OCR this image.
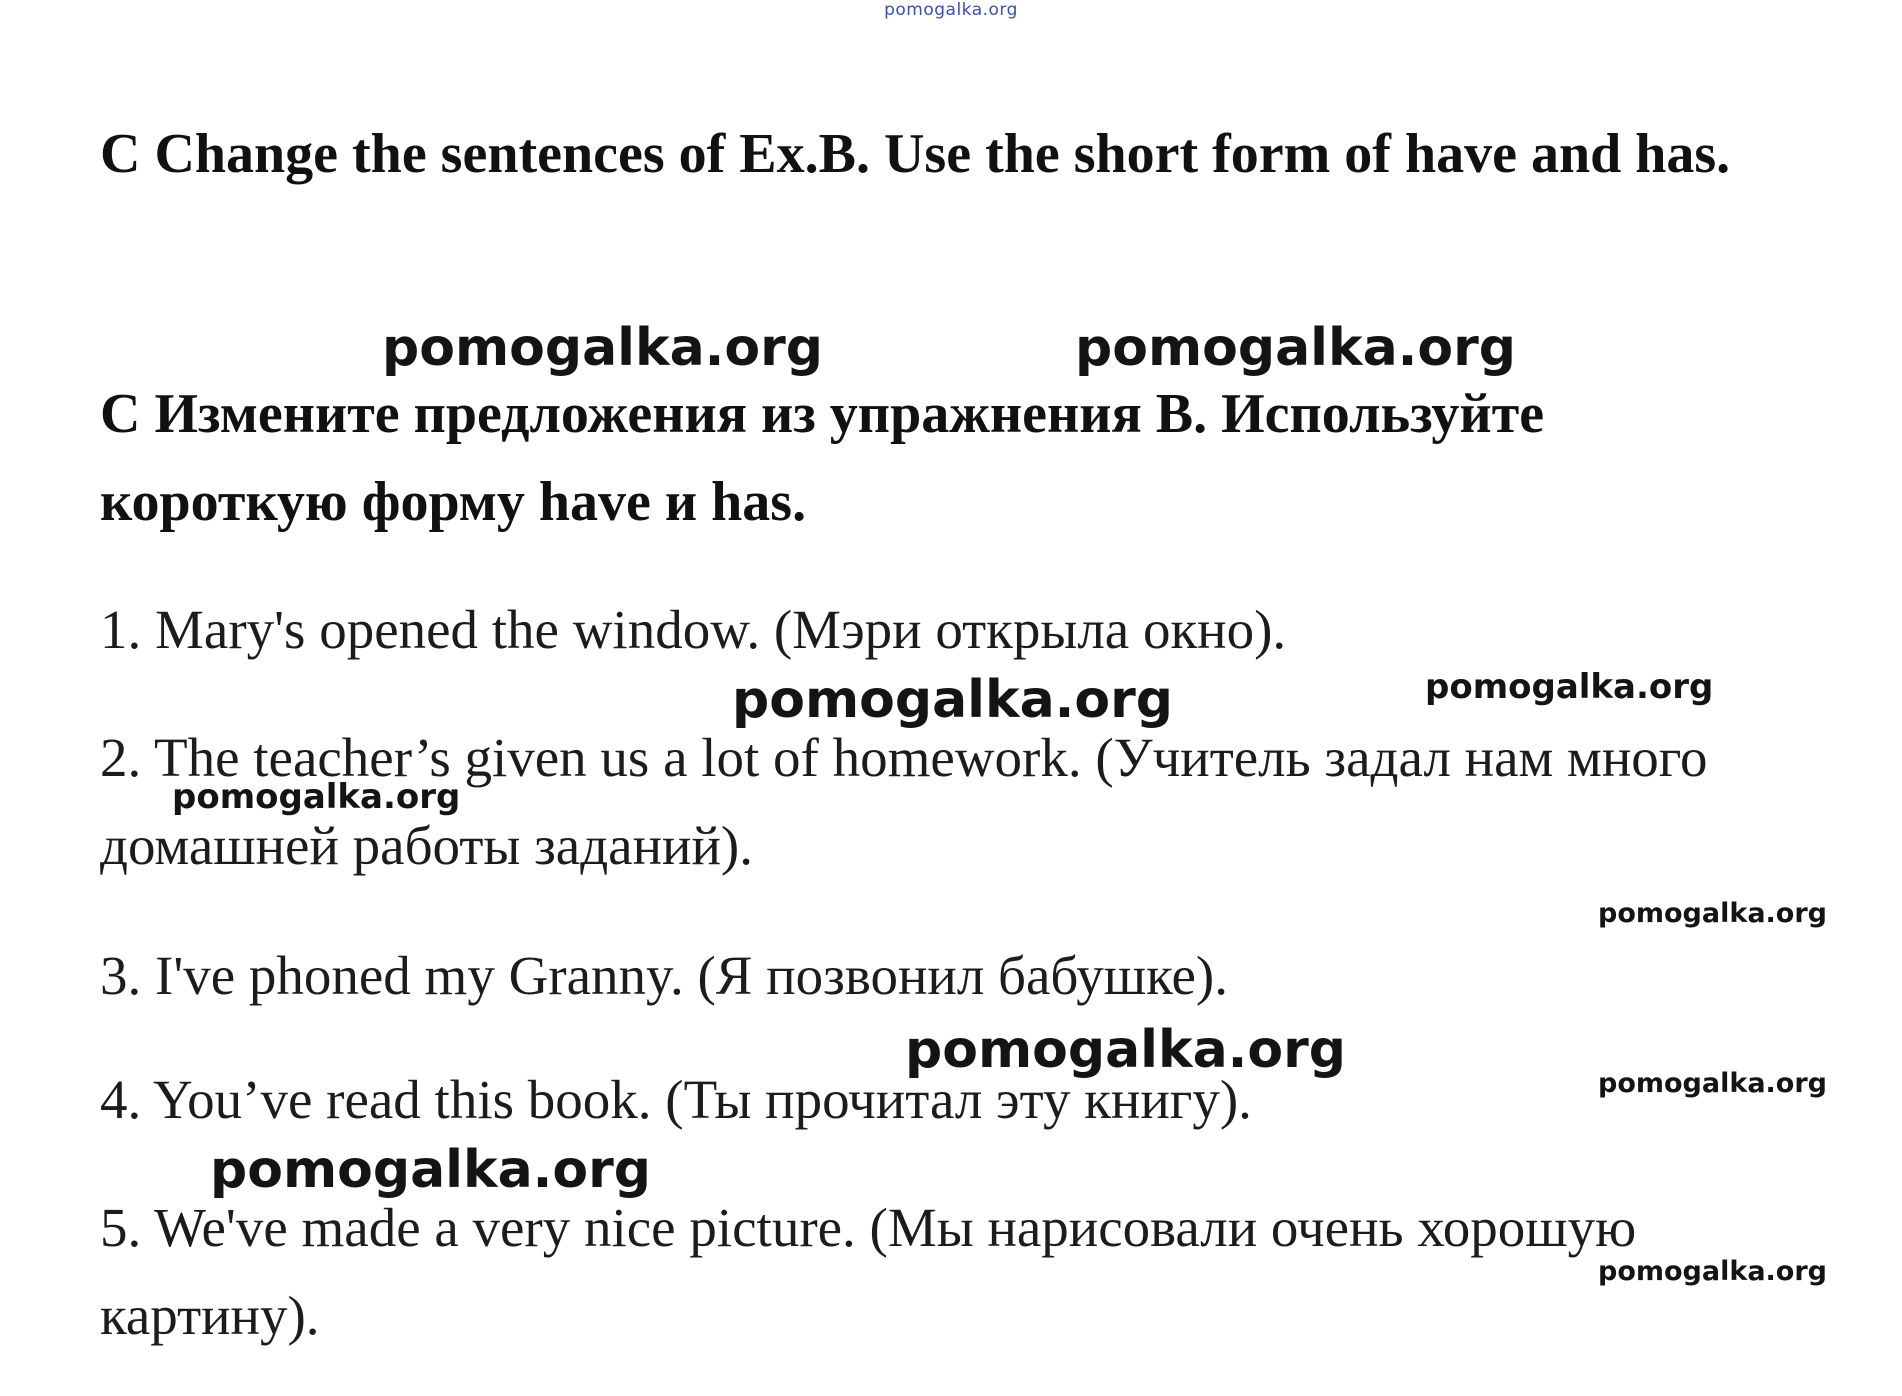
pomogalka.org
C Change the sentences of Ex.B. Use the short form of have and has.
pomogalka.org	pomogalka.org
C Измените предложения из упражнения B. Используйте
короткую форму have и has.
1. Mary's opened the window. (Мэри открыла окно).
pomogalka.org	pomogalka.org
2. The teacher’s given us a lot of homework. (Учитель задал нам много
pomogalka.org
домашней работы заданий).
pomogalka.org
3. I've phoned my Granny. (Я позвонил бабушке).
pomogalka.org
pomogalka.org
4. You’ve read this book. (Ты прочитал эту книгу).
pomogalka.org
5. We've made a very nice picture. (Мы нарисовали очень хорошую
pomogalka.org
картину).
